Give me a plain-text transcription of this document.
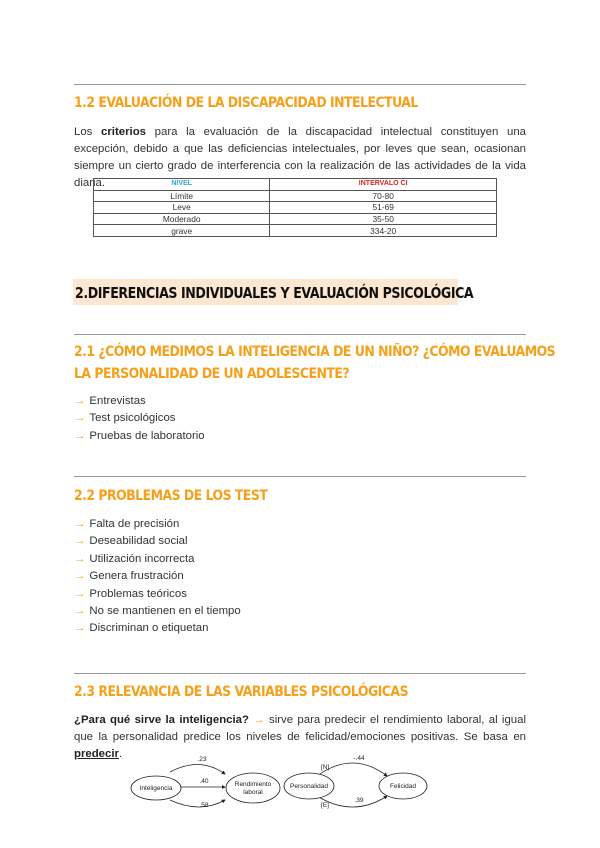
1.2 EVALUACIÓN DE LA DISCAPACIDAD INTELECTUAL

Los criterios para la evaluación de la discapacidad intelectual constituyen una excepción, debido a que las deficiencias intelectuales, por leves que sean, ocasionan siempre un cierto grado de interferencia con la realización de las actividades de la vida diaria.	NIVEL	INTERVALO CI
Límite	70-80
Leve	51-69
Moderado	35-50
grave	334-20
2.DIFERENCIAS INDIVIDUALES Y EVALUACIÓN PSICOLÓGICA
2.1 ¿CÓMO MEDIMOS LA INTELIGENCIA DE UN NIÑO? ¿CÓMO EVALUAMOS
LA PERSONALIDAD DE UN ADOLESCENTE?
→ Entrevistas
→ Test psicológicos
→ Pruebas de laboratorio
2.2 PROBLEMAS DE LOS TEST
→ Falta de precisión
→ Deseabilidad social
→ Utilización incorrecta
→ Genera frustración
→ Problemas teóricos
→ No se mantienen en el tiempo
→ Discriminan o etiquetan
2.3 RELEVANCIA DE LAS VARIABLES PSICOLÓGICAS

¿Para qué sirve la inteligencia? → sirve para predecir el rendimiento laboral, al igual que la personalidad predice los niveles de felicidad/emociones positivas. Se basa en predecir.

Inteligencia
Rendimiento
laboral
.23
.40
.58
Personalidad	Felicidad
-.44
.39
[N]
[E]
